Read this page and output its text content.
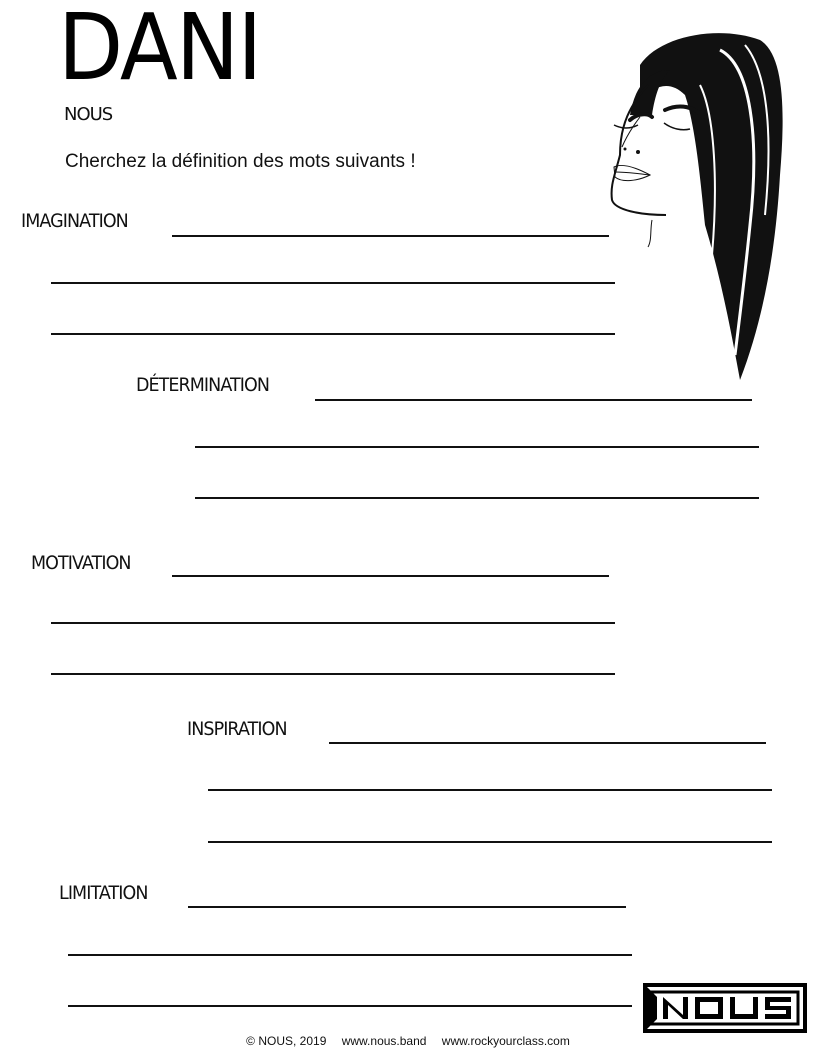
DANI
NOUS
Cherchez la définition des mots suivants !
IMAGINATION
DÉTERMINATION
MOTIVATION
INSPIRATION
LIMITATION
© NOUS, 2019 www.nous.band www.rockyourclass.com
